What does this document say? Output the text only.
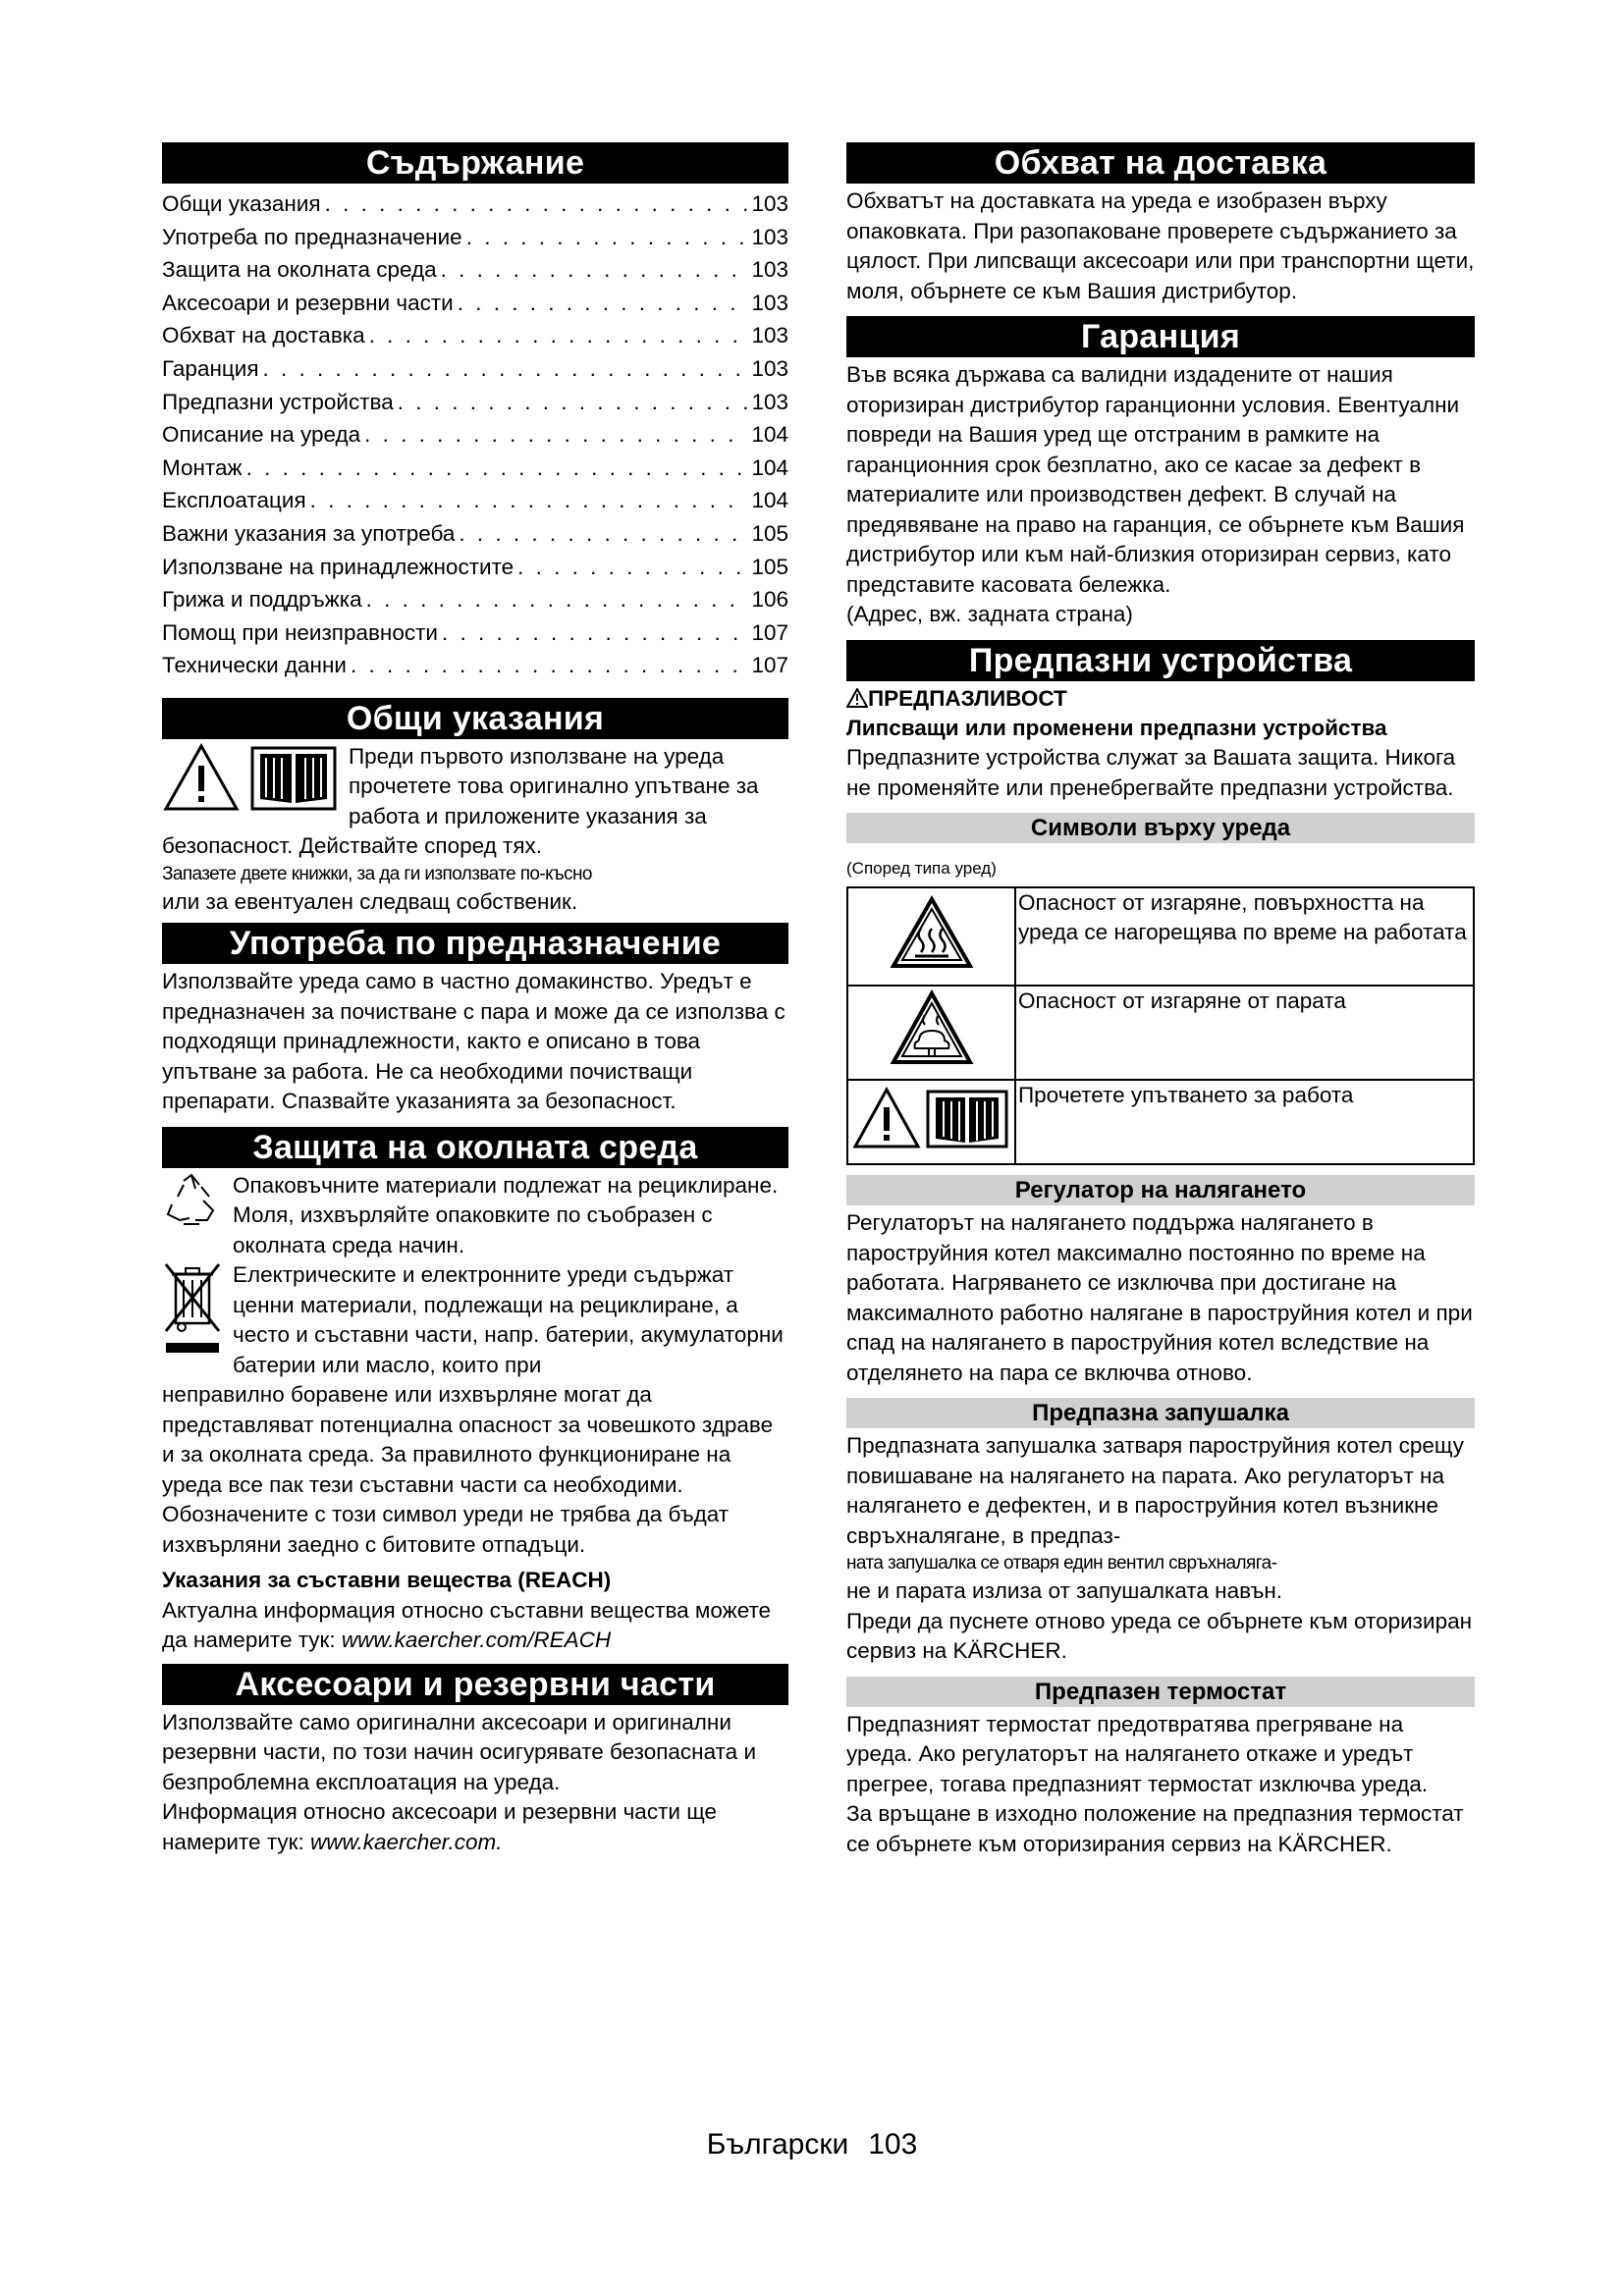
Съдържание
Общи указания . . .	103
Употреба по предназначение . . .	103
Защита на околната среда . . .	103
Аксесоари и резервни части . . .	103
Обхват на доставка . . .	103
Гаранция . . .	103
Предпазни устройства . . .	103
Описание на уреда . . .	104
Монтаж . . .	104
Експлоатация . . .	104
Важни указания за употреба . . .	105
Използване на принадлежностите . . .	105
Грижа и поддръжка . . .	106
Помощ при неизправности . . .	107
Технически данни . . .	107
Общи указания

Преди първото използване на уреда прочетете това оригинално упътване за работа и приложените указания за

безопасност. Действайте според тях.

Запазете двете книжки, за да ги използвате по-късно

или за евентуален следващ собственик.

Употреба по предназначение

Използвайте уреда само в частно домакинство. Уредът е предназначен за почистване с пара и може да се използва с подходящи принадлежности, както е описано в това упътване за работа. Не са необходими почистващи препарати. Спазвайте указанията за безопасност.

Защита на околната среда

Опаковъчните материали подлежат на рециклиране. Моля, изхвърляйте опаковките по съобразен с околната среда начин.

Електрическите и електронните уреди съдържат ценни материали, подлежащи на рециклиране, а често и съставни части, напр. батерии, акумулаторни батерии или масло, които при

неправилно боравене или изхвърляне могат да представляват потенциална опасност за човешкото здраве и за околната среда. За правилното функциониране на уреда все пак тези съставни части са необходими. Обозначените с този символ уреди не трябва да бъдат изхвърляни заедно с битовите отпадъци.

Указания за съставни вещества (REACH)

Актуална информация относно съставни вещества можете да намерите тук: www.kaercher.com/REACH

Аксесоари и резервни части

Използвайте само оригинални аксесоари и оригинални резервни части, по този начин осигурявате безопасната и безпроблемна експлоатация на уреда.

Информация относно аксесоари и резервни части ще намерите тук: www.kaercher.com.

Обхват на доставка

Обхватът на доставката на уреда е изобразен върху опаковката. При разопаковане проверете съдържанието за цялост. При липсващи аксесоари или при транспортни щети, моля, обърнете се към Вашия дистрибутор.

Гаранция

Във всяка държава са валидни издадените от нашия оторизиран дистрибутор гаранционни условия. Евентуални повреди на Вашия уред ще отстраним в рамките на гаранционния срок безплатно, ако се касае за дефект в материалите или производствен дефект. В случай на предявяване на право на гаранция, се обърнете към Вашия дистрибутор или към най-близкия оторизиран сервиз, като представите касовата бележка.

(Адрес, вж. задната страна)

Предпазни устройства
ПРЕДПАЗЛИВОСТ

Липсващи или променени предпазни устройства

Предпазните устройства служат за Вашата защита. Никога не променяйте или пренебрегвайте предпазни устройства.

Символи върху уреда

(Според типа уред)

	Опасност от изгаряне, повърхността на уреда се нагорещява по време на работата
	Опасност от изгаряне от парата
	Прочетете упътването за работа
Регулатор на налягането

Регулаторът на налягането поддържа налягането в пароструйния котел максимално постоянно по време на работата. Нагряването се изключва при достигане на максималното работно налягане в пароструйния котел и при спад на налягането в пароструйния котел вследствие на отделянето на пара се включва отново.

Предпазна запушалка

Предпазната запушалка затваря пароструйния котел срещу повишаване на налягането на парата. Ако регулаторът на налягането е дефектен, и в пароструйния котел възникне свръхналягане, в предпаз-

ната запушалка се отваря един вентил свръхналяга-

не и парата излиза от запушалката навън.

Преди да пуснете отново уреда се обърнете към оторизиран сервиз на KÄRCHER.

Предпазен термостат

Предпазният термостат предотвратява прегряване на уреда. Ако регулаторът на налягането откаже и уредът прегрее, тогава предпазният термостат изключва уреда.

За връщане в изходно положение на предпазния термостат се обърнете към оторизирания сервиз на KÄRCHER.

Български 103
